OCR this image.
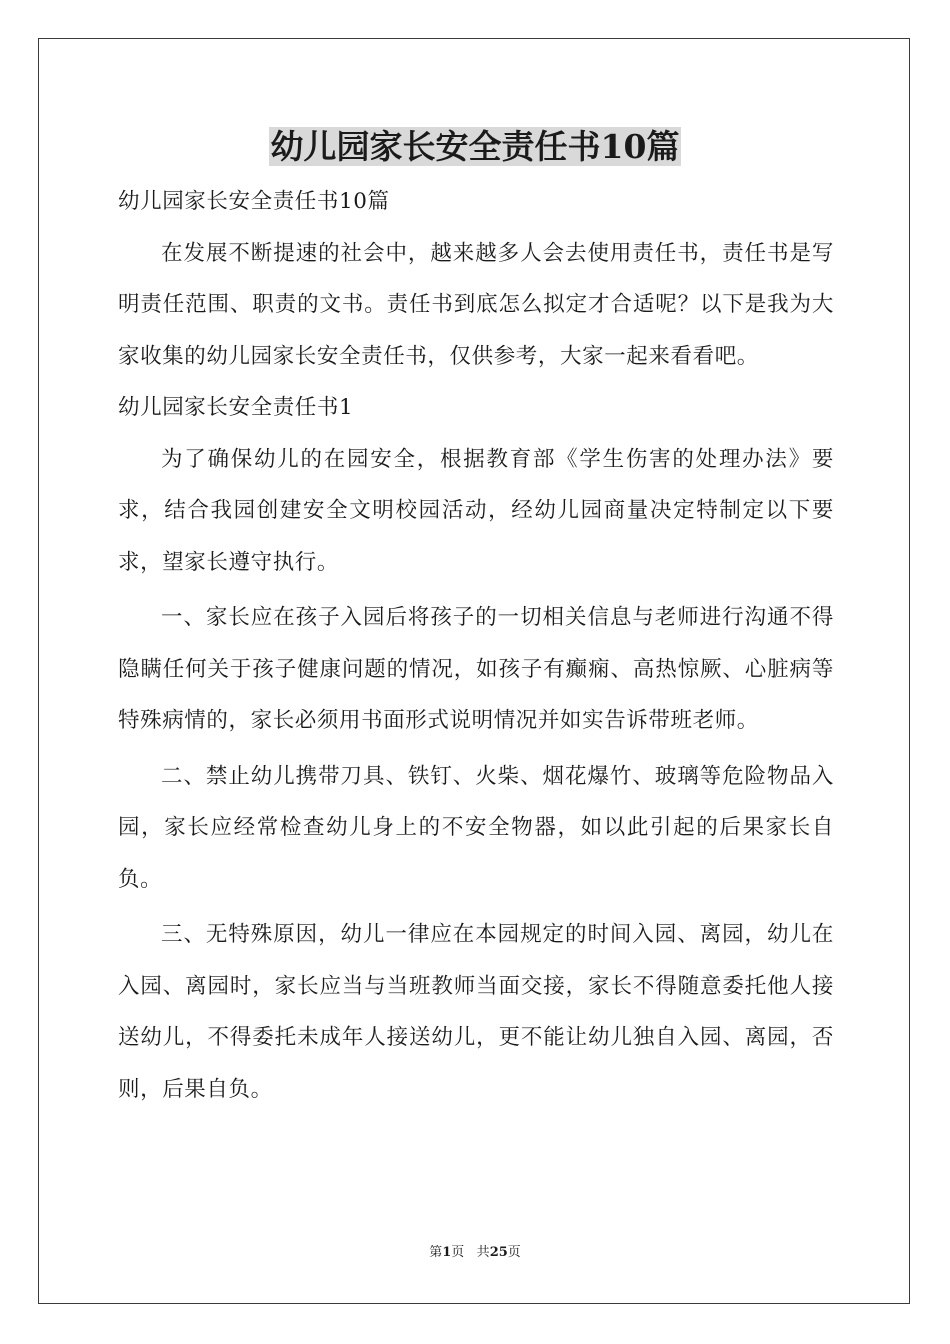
幼儿园家长安全责任书10篇

幼儿园家长安全责任书10篇

在发展不断提速的社会中，越来越多人会去使用责任书，责任书是写明责任范围、职责的文书。责任书到底怎么拟定才合适呢？以下是我为大家收集的幼儿园家长安全责任书，仅供参考，大家一起来看看吧。

幼儿园家长安全责任书1

为了确保幼儿的在园安全，根据教育部《学生伤害的处理办法》要求，结合我园创建安全文明校园活动，经幼儿园商量决定特制定以下要求，望家长遵守执行。

一、家长应在孩子入园后将孩子的一切相关信息与老师进行沟通不得隐瞒任何关于孩子健康问题的情况，如孩子有癫痫、高热惊厥、心脏病等特殊病情的，家长必须用书面形式说明情况并如实告诉带班老师。

二、禁止幼儿携带刀具、铁钉、火柴、烟花爆竹、玻璃等危险物品入园，家长应经常检查幼儿身上的不安全物器，如以此引起的后果家长自负。

三、无特殊原因，幼儿一律应在本园规定的时间入园、离园，幼儿在入园、离园时，家长应当与当班教师当面交接，家长不得随意委托他人接送幼儿，不得委托未成年人接送幼儿，更不能让幼儿独自入园、离园，否则，后果自负。

第1页 共25页
